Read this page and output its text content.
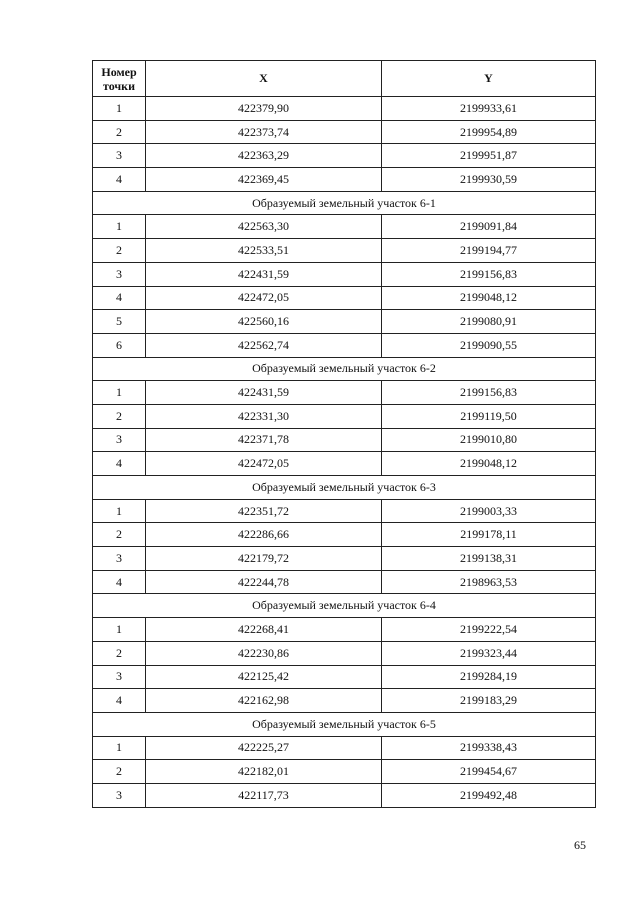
Номер точки	X	Y
1	422379,90	2199933,61
2	422373,74	2199954,89
3	422363,29	2199951,87
4	422369,45	2199930,59
Образуемый земельный участок 6-1		
1	422563,30	2199091,84
2	422533,51	2199194,77
3	422431,59	2199156,83
4	422472,05	2199048,12
5	422560,16	2199080,91
6	422562,74	2199090,55
Образуемый земельный участок 6-2		
1	422431,59	2199156,83
2	422331,30	2199119,50
3	422371,78	2199010,80
4	422472,05	2199048,12
Образуемый земельный участок 6-3		
1	422351,72	2199003,33
2	422286,66	2199178,11
3	422179,72	2199138,31
4	422244,78	2198963,53
Образуемый земельный участок 6-4		
1	422268,41	2199222,54
2	422230,86	2199323,44
3	422125,42	2199284,19
4	422162,98	2199183,29
Образуемый земельный участок 6-5		
1	422225,27	2199338,43
2	422182,01	2199454,67
3	422117,73	2199492,48
65
